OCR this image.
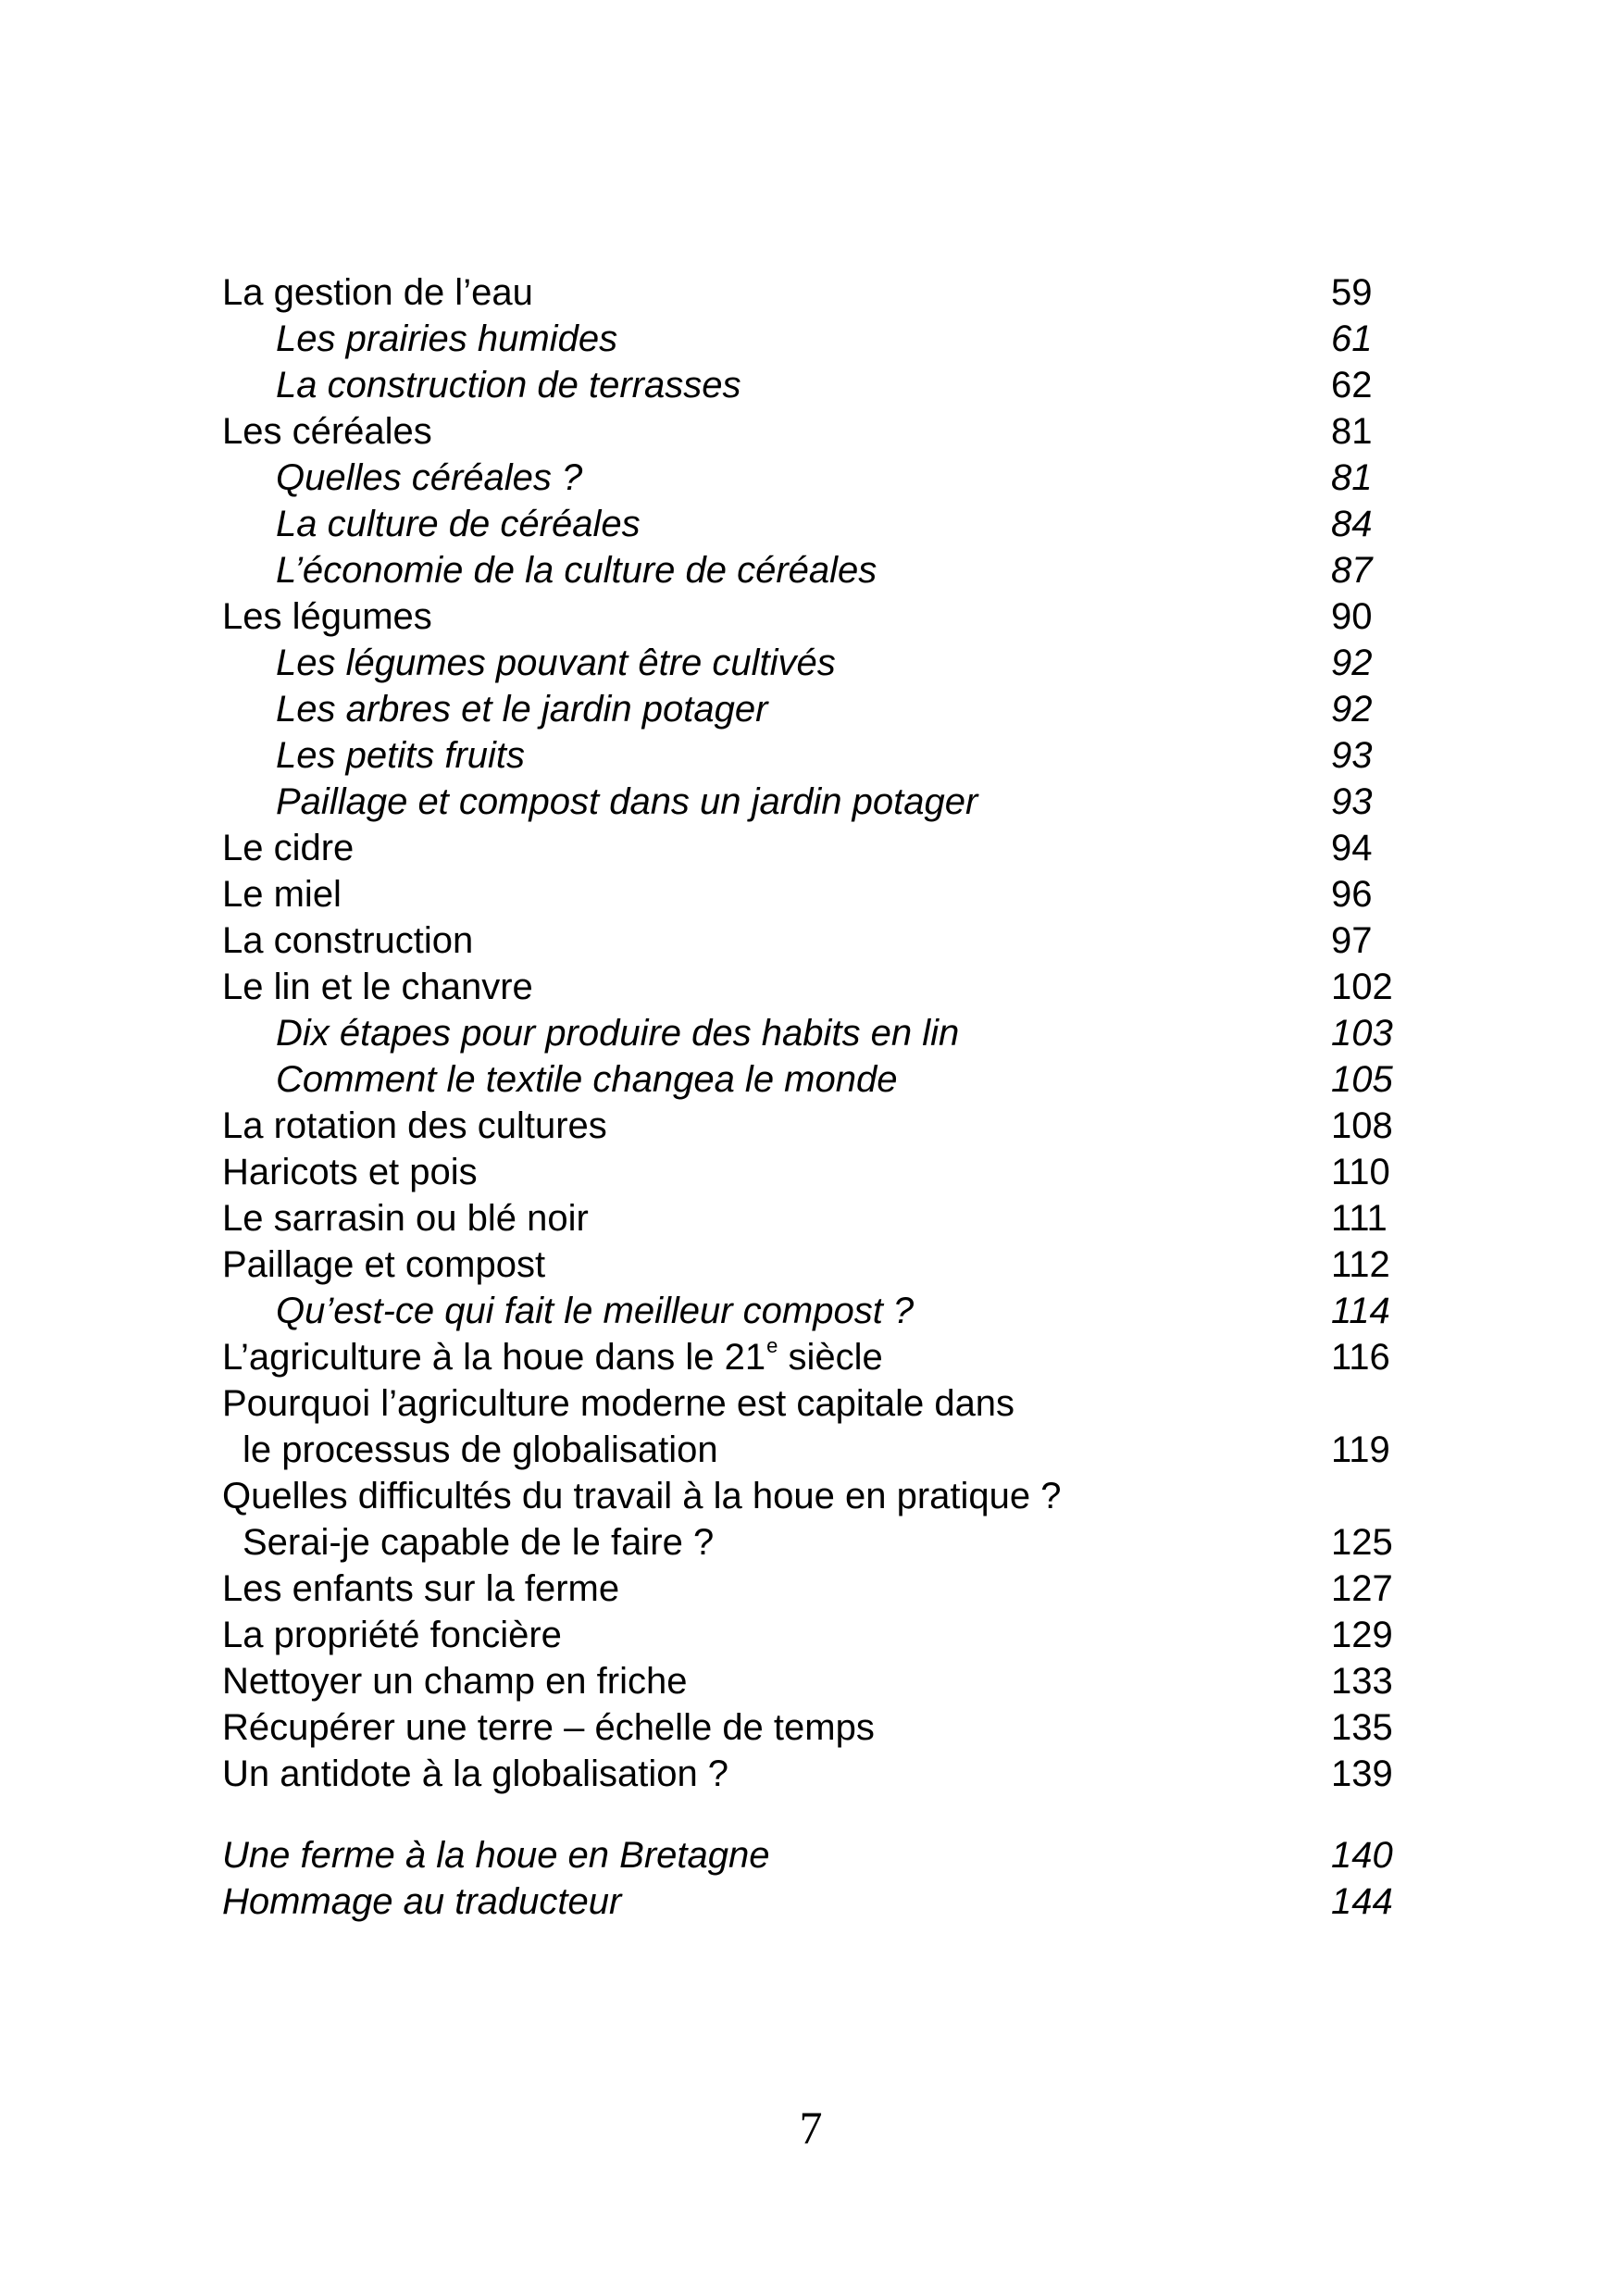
La gestion de l’eau	59
Les prairies humides	61
La construction de terrasses	62
Les céréales	81
Quelles céréales ?	81
La culture de céréales	84
L’économie de la culture de céréales	87
Les légumes	90
Les légumes pouvant être cultivés	92
Les arbres et le jardin potager	92
Les petits fruits	93
Paillage et compost dans un jardin potager	93
Le cidre	94
Le miel	96
La construction	97
Le lin et le chanvre	102
Dix étapes pour produire des habits en lin	103
Comment le textile changea le monde	105
La rotation des cultures	108
Haricots et pois	110
Le sarrasin ou blé noir	111
Paillage et compost	112
Qu’est-ce qui fait le meilleur compost ?	114
L’agriculture à la houe dans le 21e siècle	116
Pourquoi l’agriculture moderne est capitale dans
le processus de globalisation	119
Quelles difficultés du travail à la houe en pratique ?
Serai-je capable de le faire ?	125
Les enfants sur la ferme	127
La propriété foncière	129
Nettoyer un champ en friche	133
Récupérer une terre – échelle de temps	135
Un antidote à la globalisation ?	139
Une ferme à la houe en Bretagne	140
Hommage au traducteur	144
7
